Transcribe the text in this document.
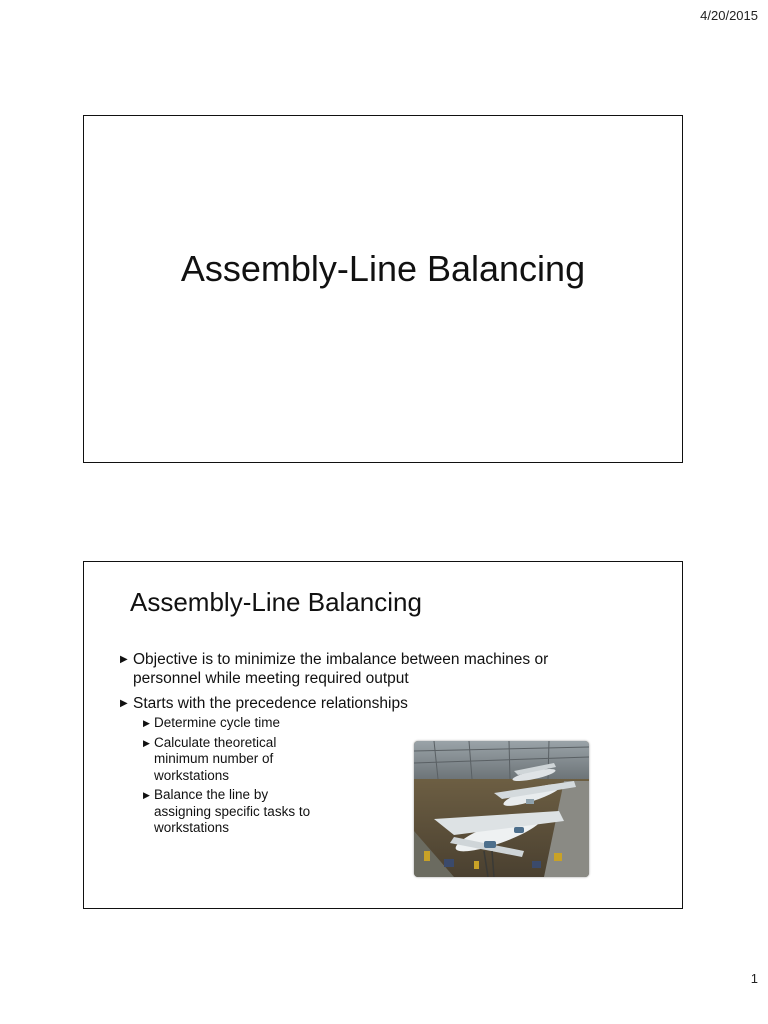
4/20/2015
Assembly-Line Balancing
Assembly-Line Balancing
▶ Objective is to minimize the imbalance between machines or personnel while meeting required output
▶ Starts with the precedence relationships
▶ Determine cycle time
▶ Calculate theoretical minimum number of workstations
▶ Balance the line by assigning specific tasks to workstations
1
